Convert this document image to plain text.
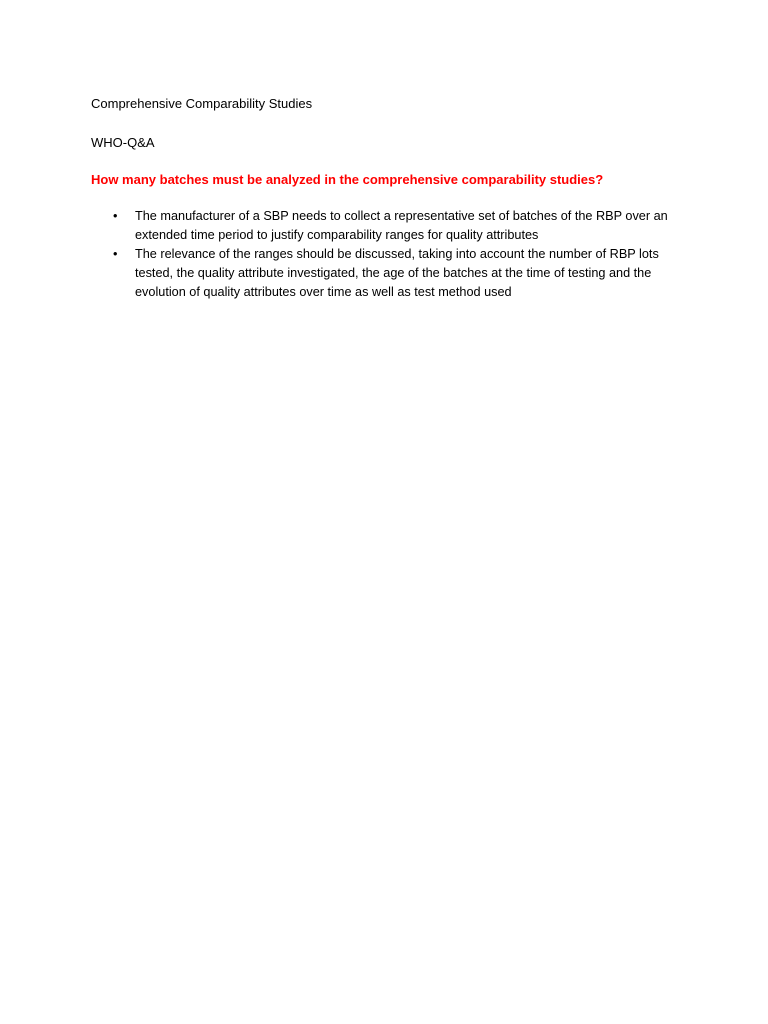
Comprehensive Comparability Studies
WHO-Q&A
How many batches must be analyzed in the comprehensive comparability studies?
• The manufacturer of a SBP needs to collect a representative set of batches of the RBP over an extended time period to justify comparability ranges for quality attributes
• The relevance of the ranges should be discussed, taking into account the number of RBP lots tested, the quality attribute investigated, the age of the batches at the time of testing and the evolution of quality attributes over time as well as test method used
